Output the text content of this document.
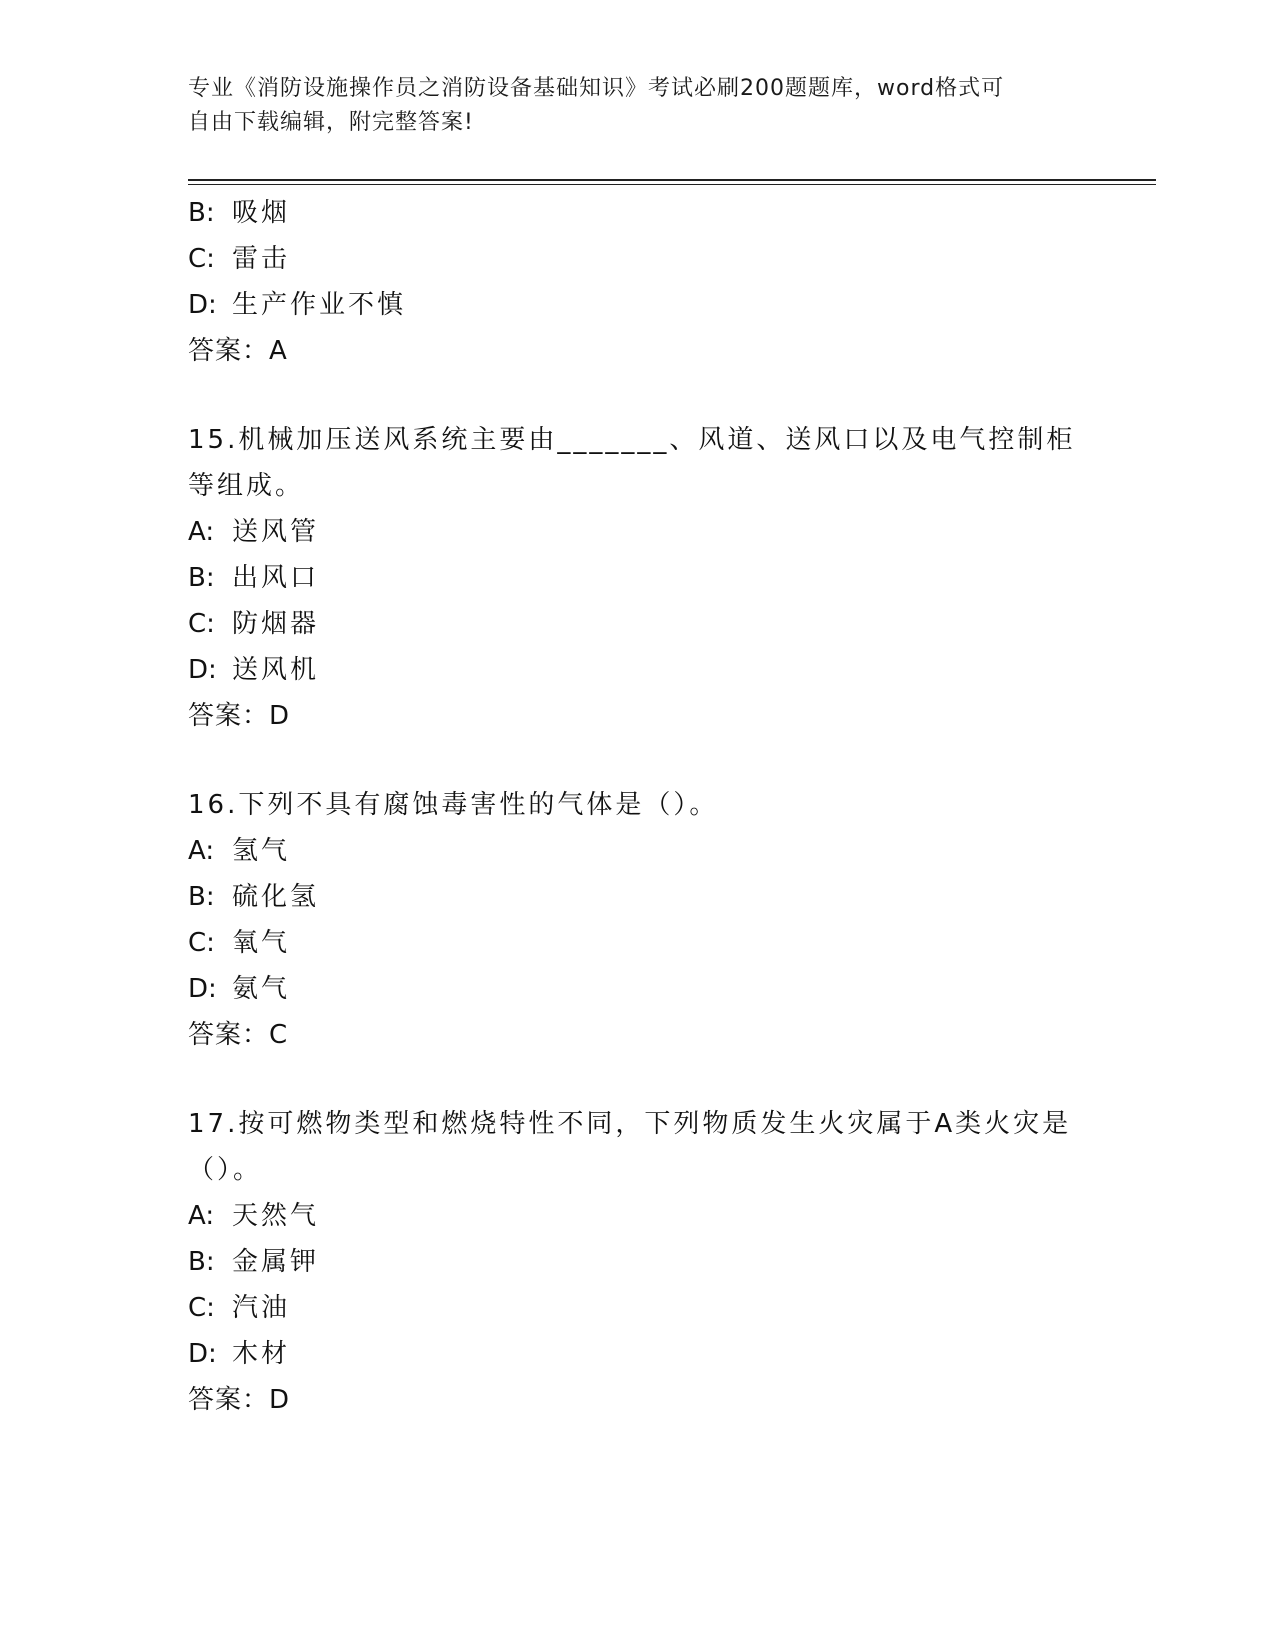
专业《消防设施操作员之消防设备基础知识》考试必刷200题题库，word格式可
自由下载编辑，附完整答案!
B: 吸烟
C: 雷击
D: 生产作业不慎
答案：A
15.机械加压送风系统主要由_______、风道、送风口以及电气控制柜
等组成。
A: 送风管
B: 出风口
C: 防烟器
D: 送风机
答案：D
16.下列不具有腐蚀毒害性的气体是（）。
A: 氢气
B: 硫化氢
C: 氧气
D: 氨气
答案：C
17.按可燃物类型和燃烧特性不同，下列物质发生火灾属于A类火灾是
（）。
A: 天然气
B: 金属钾
C: 汽油
D: 木材
答案：D
